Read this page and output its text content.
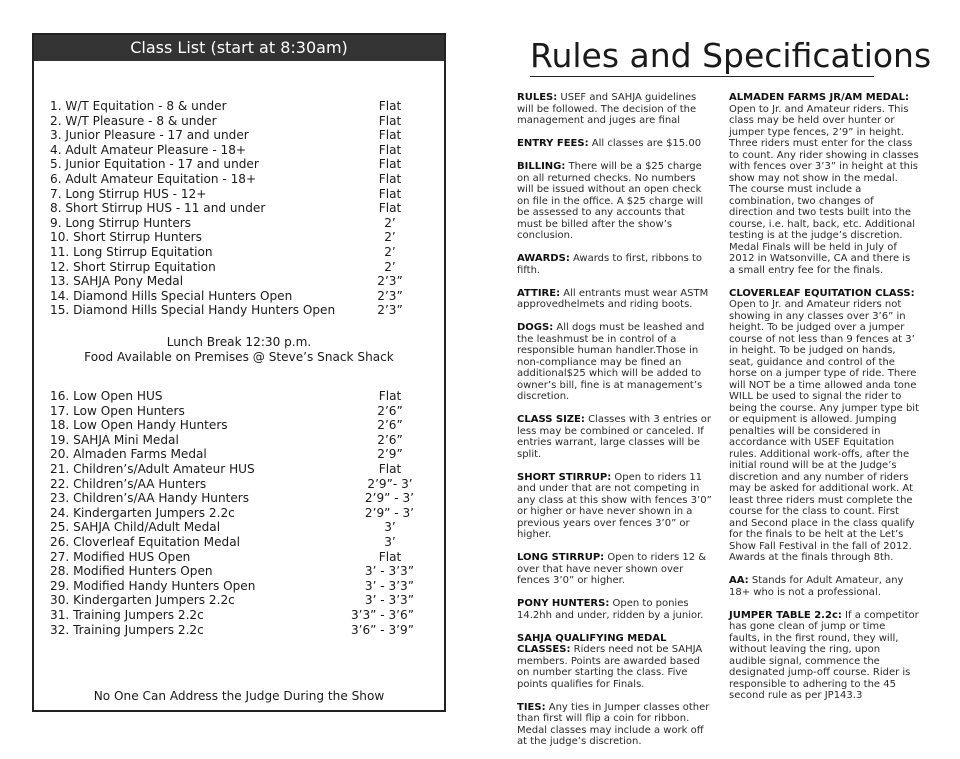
Class List (start at 8:30am)
1. W/T Equitation - 8 & under	Flat
2. W/T Pleasure - 8 & under	Flat
3. Junior Pleasure - 17 and under	Flat
4. Adult Amateur Pleasure - 18+	Flat
5. Junior Equitation - 17 and under	Flat
6. Adult Amateur Equitation - 18+	Flat
7. Long Stirrup HUS - 12+	Flat
8. Short Stirrup HUS - 11 and under	Flat
9. Long Stirrup Hunters	2’
10. Short Stirrup Hunters	2’
11. Long Stirrup Equitation	2’
12. Short Stirrup Equitation	2’
13. SAHJA Pony Medal	2’3”
14. Diamond Hills Special Hunters Open	2’3”
15. Diamond Hills Special Handy Hunters Open	2’3”
Lunch Break 12:30 p.m.
Food Available on Premises @ Steve’s Snack Shack
16. Low Open HUS	Flat
17. Low Open Hunters	2’6”
18. Low Open Handy Hunters	2’6”
19. SAHJA Mini Medal	2’6”
20. Almaden Farms Medal	2’9”
21. Children’s/Adult Amateur HUS	Flat
22. Children’s/AA Hunters	2’9”- 3’
23. Children’s/AA Handy Hunters	2’9” - 3’
24. Kindergarten Jumpers 2.2c	2’9” - 3’
25. SAHJA Child/Adult Medal	3’
26. Cloverleaf Equitation Medal	3’
27. Modified HUS Open	Flat
28. Modified Hunters Open	3’ - 3’3”
29. Modified Handy Hunters Open	3’ - 3’3”
30. Kindergarten Jumpers 2.2c	3’ - 3’3”
31. Training Jumpers 2.2c	3’3” - 3’6”
32. Training Jumpers 2.2c	3’6” - 3’9”
No One Can Address the Judge During the Show
Rules and Specifications
RULES: USEF and SAHJA guidelines will be followed. The decision of the management and juges are final
ENTRY FEES: All classes are $15.00
BILLING: There will be a $25 charge on all returned checks. No numbers will be issued without an open check on file in the office. A $25 charge will be assessed to any accounts that must be billed after the show’s conclusion.
AWARDS: Awards to first, ribbons to fifth.
ATTIRE: All entrants must wear ASTM approvedhelmets and riding boots.
DOGS: All dogs must be leashed and the leashmust be in control of a responsible human handler.Those in non-compliance may be fined an additional$25 which will be added to owner’s bill, fine is at management’s discretion.
CLASS SIZE: Classes with 3 entries or less may be combined or canceled. If entries warrant, large classes will be split.
SHORT STIRRUP: Open to riders 11 and under that are not competing in any class at this show with fences 3’0” or higher or have never shown in a previous years over fences 3’0” or higher.
LONG STIRRUP: Open to riders 12 & over that have never shown over fences 3’0” or higher.
PONY HUNTERS: Open to ponies 14.2hh and under, ridden by a junior.
SAHJA QUALIFYING MEDAL CLASSES: Riders need not be SAHJA members. Points are awarded based on number starting the class. Five points qualifies for Finals.
TIES: Any ties in Jumper classes other than first will flip a coin for ribbon. Medal classes may include a work off at the judge’s discretion.
ALMADEN FARMS JR/AM MEDAL: Open to Jr. and Amateur riders. This class may be held over hunter or jumper type fences, 2’9” in height. Three riders must enter for the class to count. Any rider showing in classes with fences over 3’3” in height at this show may not show in the medal. The course must include a combination, two changes of direction and two tests built into the course, i.e. halt, back, etc. Additional testing is at the judge’s discretion. Medal Finals will be held in July of 2012 in Watsonville, CA and there is a small entry fee for the finals.
CLOVERLEAF EQUITATION CLASS: Open to Jr. and Amateur riders not showing in any classes over 3’6” in height. To be judged over a jumper course of not less than 9 fences at 3’ in height. To be judged on hands, seat, guidance and control of the horse on a jumper type of ride. There will NOT be a time allowed anda tone WILL be used to signal the rider to being the course. Any jumper type bit or equipment is allowed. Jumping penalties will be considered in accordance with USEF Equitation rules. Additional work-offs, after the initial round will be at the Judge’s discretion and any number of riders may be asked for additional work. At least three riders must complete the course for the class to count. First and Second place in the class qualify for the finals to be helt at the Let’s Show Fall Festival in the fall of 2012. Awards at the finals through 8th.
AA: Stands for Adult Amateur, any 18+ who is not a professional.
JUMPER TABLE 2.2c: If a competitor has gone clean of jump or time faults, in the first round, they will, without leaving the ring, upon audible signal, commence the designated jump-off course. Rider is responsible to adhering to the 45 second rule as per JP143.3
